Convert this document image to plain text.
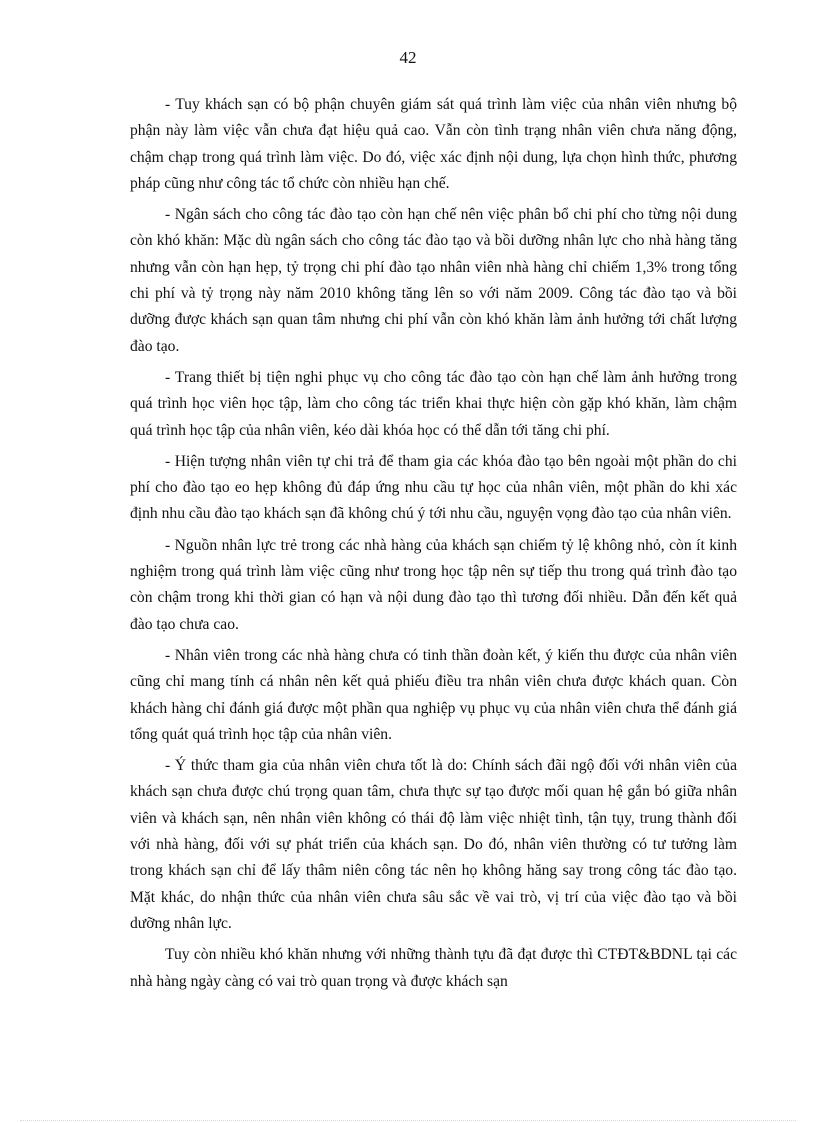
42

- Tuy khách sạn có bộ phận chuyên giám sát quá trình làm việc của nhân viên nhưng bộ phận này làm việc vẫn chưa đạt hiệu quả cao. Vẫn còn tình trạng nhân viên chưa năng động, chậm chạp trong quá trình làm việc. Do đó, việc xác định nội dung, lựa chọn hình thức, phương pháp cũng như công tác tổ chức còn nhiều hạn chế.

- Ngân sách cho công tác đào tạo còn hạn chế nên việc phân bổ chi phí cho từng nội dung còn khó khăn: Mặc dù ngân sách cho công tác đào tạo và bồi dưỡng nhân lực cho nhà hàng tăng nhưng vẫn còn hạn hẹp, tỷ trọng chi phí đào tạo nhân viên nhà hàng chỉ chiếm 1,3% trong tổng chi phí và tỷ trọng này năm 2010 không tăng lên so với năm 2009. Công tác đào tạo và bồi dưỡng được khách sạn quan tâm nhưng chi phí vẫn còn khó khăn làm ảnh hưởng tới chất lượng đào tạo.

- Trang thiết bị tiện nghi phục vụ cho công tác đào tạo còn hạn chế làm ảnh hưởng trong quá trình học viên học tập, làm cho công tác triển khai thực hiện còn gặp khó khăn, làm chậm quá trình học tập của nhân viên, kéo dài khóa học có thể dẫn tới tăng chi phí.

- Hiện tượng nhân viên tự chi trả để tham gia các khóa đào tạo bên ngoài một phần do chi phí cho đào tạo eo hẹp không đủ đáp ứng nhu cầu tự học của nhân viên, một phần do khi xác định nhu cầu đào tạo khách sạn đã không chú ý tới nhu cầu, nguyện vọng đào tạo của nhân viên.

- Nguồn nhân lực trẻ trong các nhà hàng của khách sạn chiếm tỷ lệ không nhỏ, còn ít kinh nghiệm trong quá trình làm việc cũng như trong học tập nên sự tiếp thu trong quá trình đào tạo còn chậm trong khi thời gian có hạn và nội dung đào tạo thì tương đối nhiều. Dẫn đến kết quả đào tạo chưa cao.

- Nhân viên trong các nhà hàng chưa có tinh thần đoàn kết, ý kiến thu được của nhân viên cũng chỉ mang tính cá nhân nên kết quả phiếu điều tra nhân viên chưa được khách quan. Còn khách hàng chỉ đánh giá được một phần qua nghiệp vụ phục vụ của nhân viên chưa thể đánh giá tổng quát quá trình học tập của nhân viên.

- Ý thức tham gia của nhân viên chưa tốt là do: Chính sách đãi ngộ đối với nhân viên của khách sạn chưa được chú trọng quan tâm, chưa thực sự tạo được mối quan hệ gắn bó giữa nhân viên và khách sạn, nên nhân viên không có thái độ làm việc nhiệt tình, tận tụy, trung thành đối với nhà hàng, đối với sự phát triển của khách sạn. Do đó, nhân viên thường có tư tưởng làm trong khách sạn chỉ để lấy thâm niên công tác nên họ không hăng say trong công tác đào tạo. Mặt khác, do nhận thức của nhân viên chưa sâu sắc về vai trò, vị trí của việc đào tạo và bồi dưỡng nhân lực.

Tuy còn nhiều khó khăn nhưng với những thành tựu đã đạt được thì CTĐT&BDNL tại các nhà hàng ngày càng có vai trò quan trọng và được khách sạn
